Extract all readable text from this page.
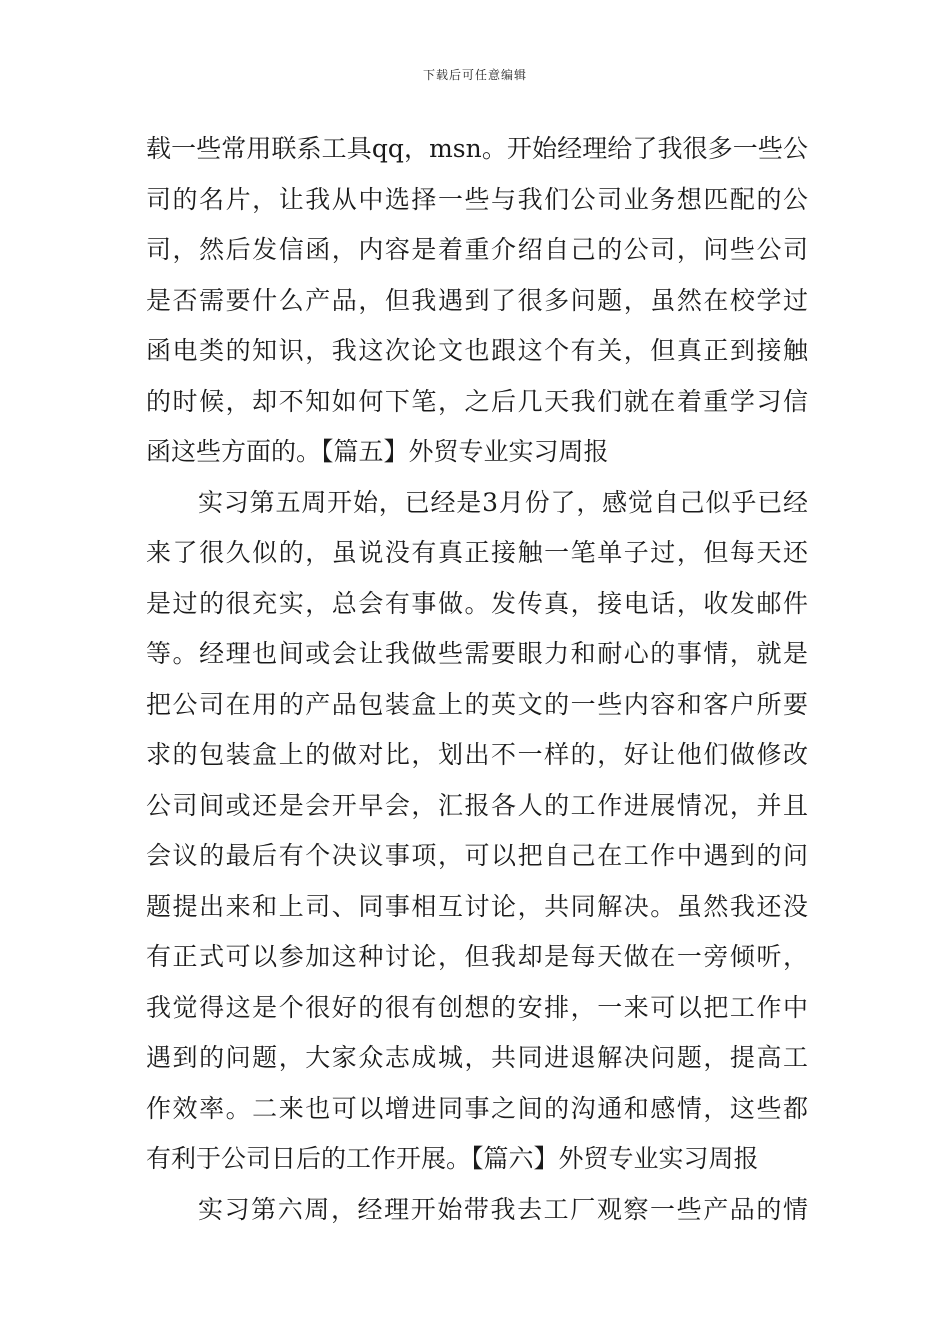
下载后可任意编辑
载一些常用联系工具qq，msn。开始经理给了我很多一些公
司的名片，让我从中选择一些与我们公司业务想匹配的公
司，然后发信函，内容是着重介绍自己的公司，问些公司
是否需要什么产品，但我遇到了很多问题，虽然在校学过
函电类的知识，我这次论文也跟这个有关，但真正到接触
的时候，却不知如何下笔，之后几天我们就在着重学习信
函这些方面的。【篇五】外贸专业实习周报
实习第五周开始，已经是3月份了，感觉自己似乎已经
来了很久似的，虽说没有真正接触一笔单子过，但每天还
是过的很充实，总会有事做。发传真，接电话，收发邮件
等。经理也间或会让我做些需要眼力和耐心的事情，就是
把公司在用的产品包装盒上的英文的一些内容和客户所要
求的包装盒上的做对比，划出不一样的，好让他们做修改
公司间或还是会开早会，汇报各人的工作进展情况，并且
会议的最后有个决议事项，可以把自己在工作中遇到的问
题提出来和上司、同事相互讨论，共同解决。虽然我还没
有正式可以参加这种讨论，但我却是每天做在一旁倾听，
我觉得这是个很好的很有创想的安排，一来可以把工作中
遇到的问题，大家众志成城，共同进退解决问题，提高工
作效率。二来也可以增进同事之间的沟通和感情，这些都
有利于公司日后的工作开展。【篇六】外贸专业实习周报
实习第六周，经理开始带我去工厂观察一些产品的情
